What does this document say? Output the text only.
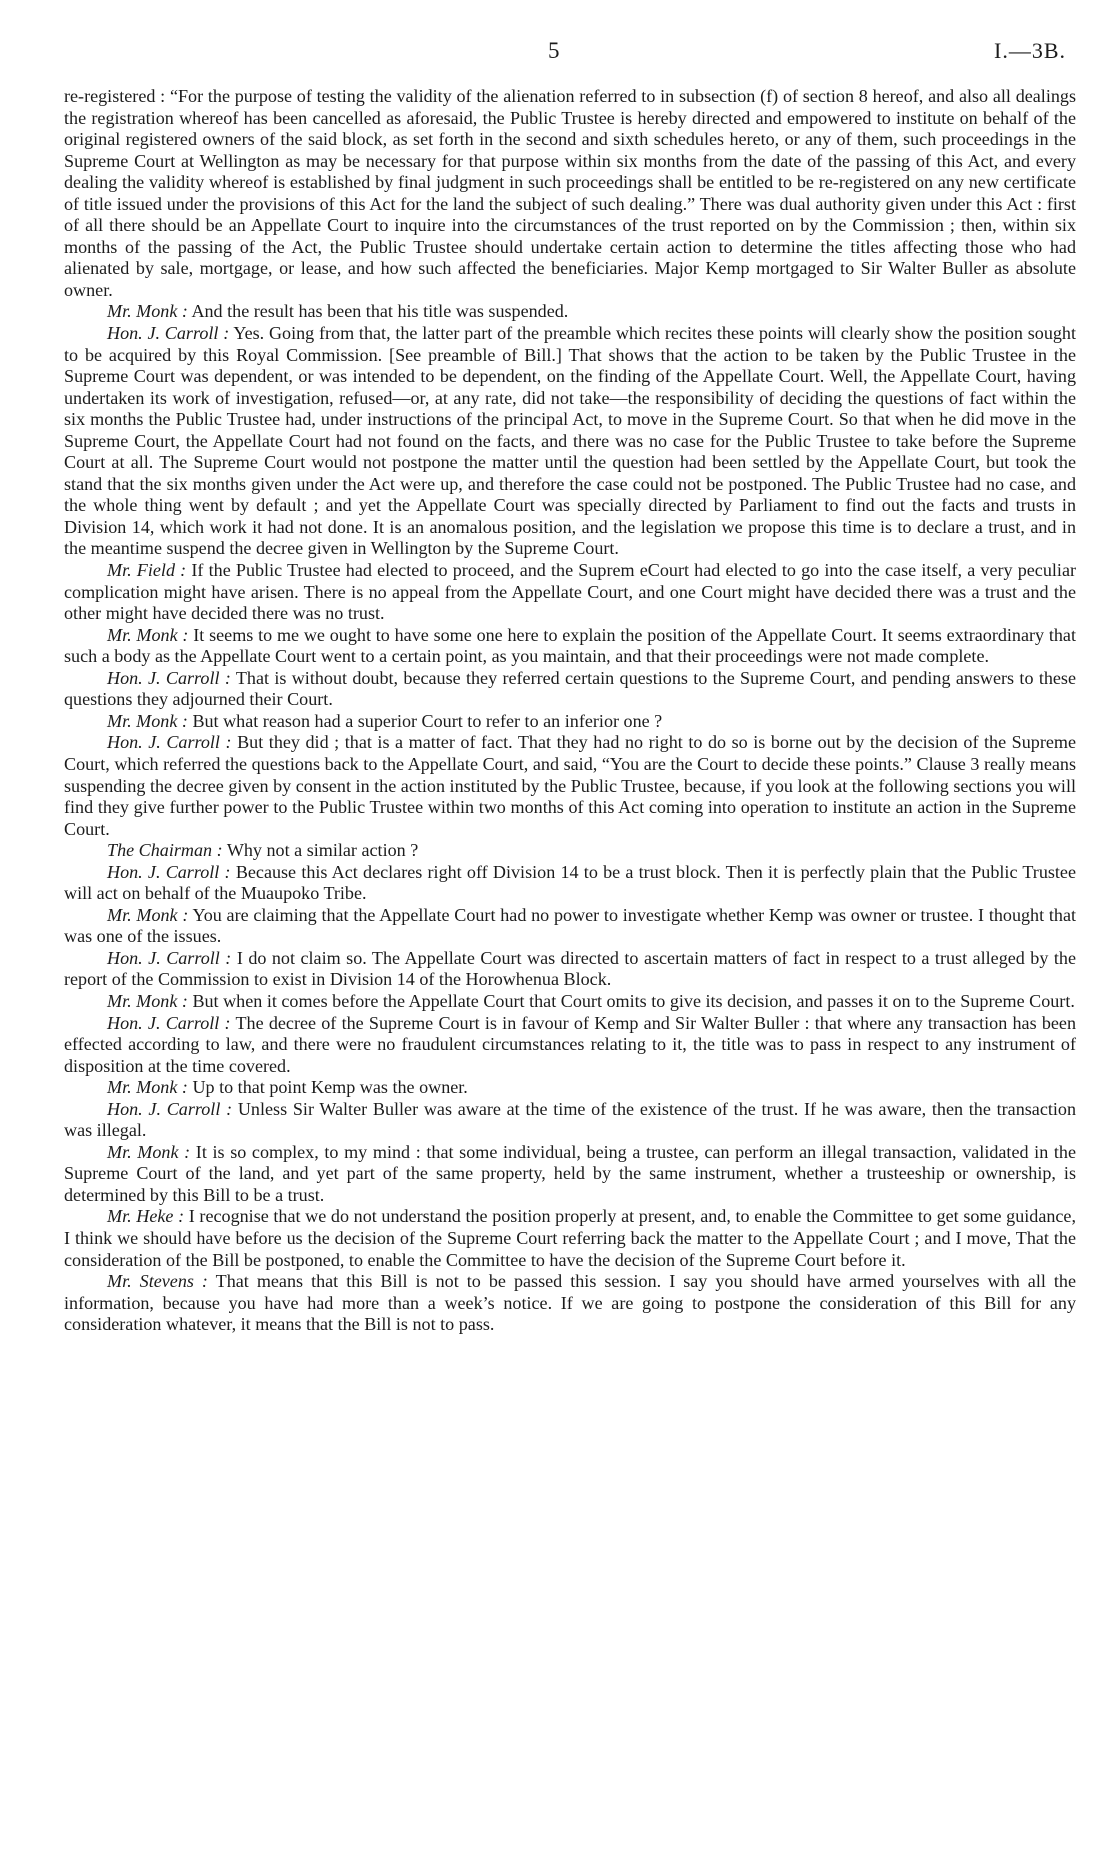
5	I.—3B.

re-registered : “For the purpose of testing the validity of the alienation referred to in subsection (f) of section 8 hereof, and also all dealings the registration whereof has been cancelled as aforesaid, the Public Trustee is hereby directed and empowered to institute on behalf of the original registered owners of the said block, as set forth in the second and sixth schedules hereto, or any of them, such proceedings in the Supreme Court at Wellington as may be necessary for that purpose within six months from the date of the passing of this Act, and every dealing the validity whereof is established by final judgment in such proceedings shall be entitled to be re-registered on any new certificate of title issued under the provisions of this Act for the land the subject of such dealing.” There was dual authority given under this Act : first of all there should be an Appellate Court to inquire into the circumstances of the trust reported on by the Commission ; then, within six months of the passing of the Act, the Public Trustee should undertake certain action to determine the titles affecting those who had alienated by sale, mortgage, or lease, and how such affected the beneficiaries. Major Kemp mortgaged to Sir Walter Buller as absolute owner.

Mr. Monk : And the result has been that his title was suspended.

Hon. J. Carroll : Yes. Going from that, the latter part of the preamble which recites these points will clearly show the position sought to be acquired by this Royal Commission. [See preamble of Bill.] That shows that the action to be taken by the Public Trustee in the Supreme Court was dependent, or was intended to be dependent, on the finding of the Appellate Court. Well, the Appellate Court, having undertaken its work of investigation, refused—or, at any rate, did not take—the responsibility of deciding the questions of fact within the six months the Public Trustee had, under instructions of the principal Act, to move in the Supreme Court. So that when he did move in the Supreme Court, the Appellate Court had not found on the facts, and there was no case for the Public Trustee to take before the Supreme Court at all. The Supreme Court would not postpone the matter until the question had been settled by the Appellate Court, but took the stand that the six months given under the Act were up, and therefore the case could not be postponed. The Public Trustee had no case, and the whole thing went by default ; and yet the Appellate Court was specially directed by Parliament to find out the facts and trusts in Division 14, which work it had not done. It is an anomalous position, and the legislation we propose this time is to declare a trust, and in the meantime suspend the decree given in Wellington by the Supreme Court.

Mr. Field : If the Public Trustee had elected to proceed, and the Suprem eCourt had elected to go into the case itself, a very peculiar complication might have arisen. There is no appeal from the Appellate Court, and one Court might have decided there was a trust and the other might have decided there was no trust.

Mr. Monk : It seems to me we ought to have some one here to explain the position of the Appellate Court. It seems extraordinary that such a body as the Appellate Court went to a certain point, as you maintain, and that their proceedings were not made complete.

Hon. J. Carroll : That is without doubt, because they referred certain questions to the Supreme Court, and pending answers to these questions they adjourned their Court.

Mr. Monk : But what reason had a superior Court to refer to an inferior one ?

Hon. J. Carroll : But they did ; that is a matter of fact. That they had no right to do so is borne out by the decision of the Supreme Court, which referred the questions back to the Appellate Court, and said, “You are the Court to decide these points.” Clause 3 really means suspending the decree given by consent in the action instituted by the Public Trustee, because, if you look at the following sections you will find they give further power to the Public Trustee within two months of this Act coming into operation to institute an action in the Supreme Court.

The Chairman : Why not a similar action ?

Hon. J. Carroll : Because this Act declares right off Division 14 to be a trust block. Then it is perfectly plain that the Public Trustee will act on behalf of the Muaupoko Tribe.

Mr. Monk : You are claiming that the Appellate Court had no power to investigate whether Kemp was owner or trustee. I thought that was one of the issues.

Hon. J. Carroll : I do not claim so. The Appellate Court was directed to ascertain matters of fact in respect to a trust alleged by the report of the Commission to exist in Division 14 of the Horowhenua Block.

Mr. Monk : But when it comes before the Appellate Court that Court omits to give its decision, and passes it on to the Supreme Court.

Hon. J. Carroll : The decree of the Supreme Court is in favour of Kemp and Sir Walter Buller : that where any transaction has been effected according to law, and there were no fraudulent circumstances relating to it, the title was to pass in respect to any instrument of disposition at the time covered.

Mr. Monk : Up to that point Kemp was the owner.

Hon. J. Carroll : Unless Sir Walter Buller was aware at the time of the existence of the trust. If he was aware, then the transaction was illegal.

Mr. Monk : It is so complex, to my mind : that some individual, being a trustee, can perform an illegal transaction, validated in the Supreme Court of the land, and yet part of the same property, held by the same instrument, whether a trusteeship or ownership, is determined by this Bill to be a trust.

Mr. Heke : I recognise that we do not understand the position properly at present, and, to enable the Committee to get some guidance, I think we should have before us the decision of the Supreme Court referring back the matter to the Appellate Court ; and I move, That the consideration of the Bill be postponed, to enable the Committee to have the decision of the Supreme Court before it.

Mr. Stevens : That means that this Bill is not to be passed this session. I say you should have armed yourselves with all the information, because you have had more than a week’s notice. If we are going to postpone the consideration of this Bill for any consideration whatever, it means that the Bill is not to pass.
